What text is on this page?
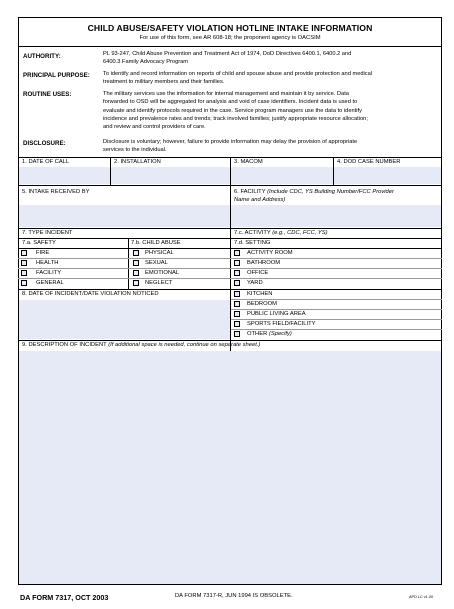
CHILD ABUSE/SAFETY VIOLATION HOTLINE INTAKE INFORMATION
For use of this form, see AR 608-18; the proponent agency is OACSIM
AUTHORITY:	PL 93-247, Child Abuse Prevention and Treatment Act of 1974, DoD Directives 6400.1, 6400.2 and
6400.3 Family Advocacy Program
PRINCIPAL PURPOSE: To identify and record information on reports of child and spouse abuse and provide protection and medical
treatment to military members and their families.
ROUTINE USES:	The military services use the information for internal management and maintain it by service. Data
forwarded to OSD will be aggregated for analysis and void of case identifiers. Incident data is used to
evaluate and identify protocols required in the case. Service program managers use the data to identify
incidence and prevalence rates and trends; track involved families; justify appropriate resource allocation;
and review and control providers of care.
DISCLOSURE:	Disclosure is voluntary; however, failure to provide information may delay the provision of appropriate
services to the individual.
1. DATE OF CALL	2. INSTALLATION	3. MACOM	4. DOD CASE NUMBER
5. INTAKE RECEIVED BY	6. FACILITY (Include CDC, YS Building Number/FCC Provider
Name and Address)
7. TYPE INCIDENT	7.c. ACTIVITY (e.g., CDC, FCC, YS)
7.a. SAFETY	7.b. CHILD ABUSE	7.d. SETTING
FIRE
HEALTH
FACILITY
GENERAL
PHYSICAL
SEXUAL
EMOTIONAL
NEGLECT
ACTIVITY ROOM
BATHROOM
OFFICE
YARD
KITCHEN
BEDROOM
PUBLIC LIVING AREA
SPORTS FIELD/FACILITY
OTHER (Specify)
8. DATE OF INCIDENT/DATE VIOLATION NOTICED
9. DESCRIPTION OF INCIDENT (If additional space is needed, continue on separate sheet.)
DA FORM 7317, OCT 2003	DA FORM 7317-R, JUN 1994 IS OBSOLETE.	APD LC v1.00
